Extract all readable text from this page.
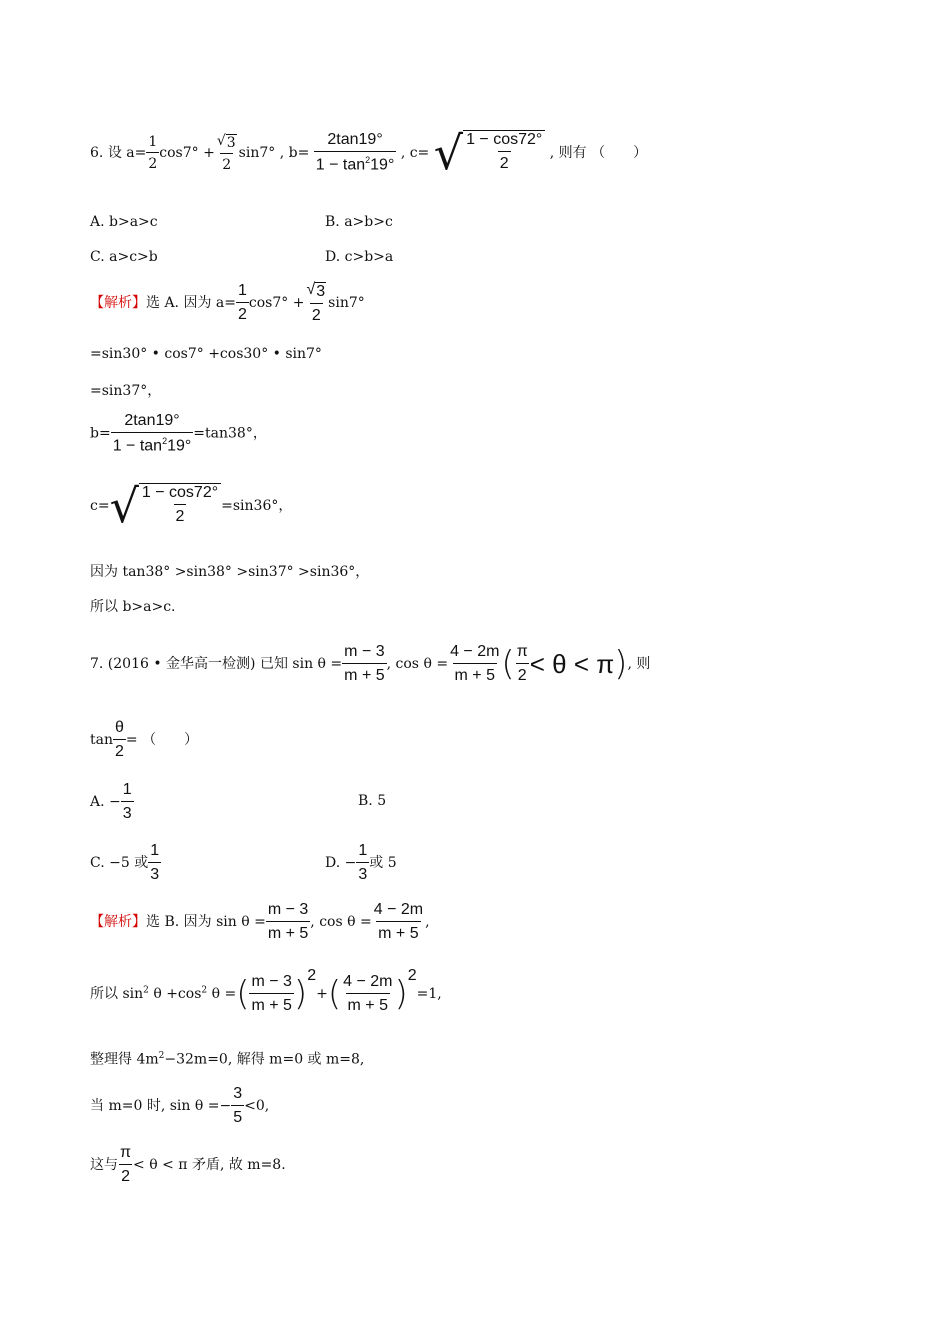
6. 设 $a= \frac{1}{2} \cos 7^\circ + \frac{√ 3}{2} \sin 7^\circ$ , $b= \frac{2\tan 19^\circ}{1 - \tan^219^\circ}$ , c= √ $\frac{1 - \cos 72^\circ}{2}$ , 则有 （　　）
A. b>a>c	B. a>b>c
C. a>c>b	D. c>b>a
【解析】选 A. 因为 $a= \frac{1}{2} \cos 7^\circ + \frac{√ 3}{2} \sin 7^\circ$
=sin30° • cos7° +cos30° • sin7°
=sin37°，
$b= \frac{2\tan 19^\circ}{1 - \tan^219^\circ} =\tan 38^\circ$，
c= √ $\frac{1 - \cos 72^\circ}{2} =\sin 36^\circ$，
因为 tan38° >sin38° >sin37° >sin36°，
所以 b>a>c.
7. (2016 • 金华高一检测) 已知 $\sin \theta = \frac{m - 3}{m + 5}$ , $\cos \theta = \frac{4 - 2m}{m + 5}$ ( $\frac{\pi}{2} < \theta < \pi$), 则
$\tan \frac{\theta}{2}$ = （　　）
A. − $\frac{1}{3}$	B. 5
C. −5 或 $\frac{1}{3}$	D. − $\frac{1}{3}$ 或 5
【解析】选 B. 因为 $\sin \theta = \frac{m - 3}{m + 5}$ , $\cos \theta = \frac{4 - 2m}{m + 5}$ ,
所以 $\sin^2 \theta +\cos^2$ θ =( $\frac{m - 3}{m + 5} )^2+( \frac{4 - 2m}{m + 5} )^2=1$,
整理得 $4m^2-32m=0$, 解得 m=0 或 m=8,
当 m=0 时, $\sin \theta =- \frac{3}{5} <0$,
这与 $\frac{\pi}{2} < \theta < \pi$ 矛盾, 故 m=8.
